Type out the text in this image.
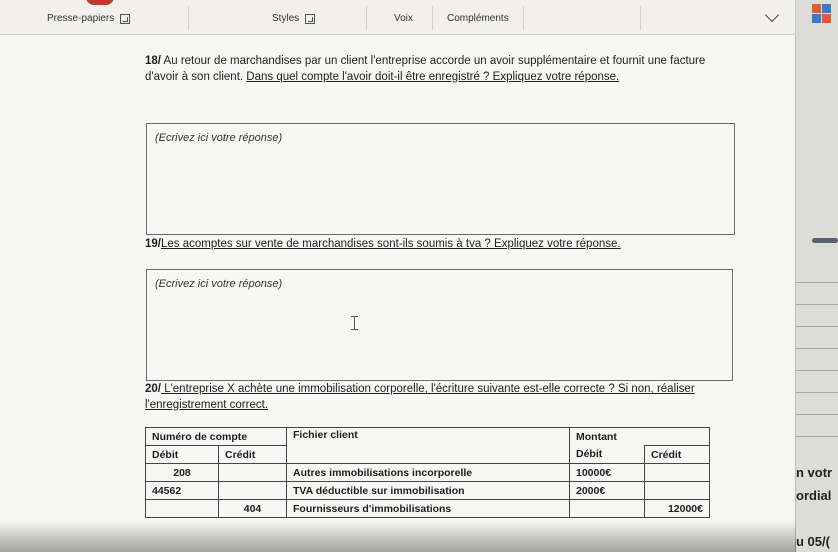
Presse-papiers	Styles	Voix	Compléments

18/ Au retour de marchandises par un client l'entreprise accorde un avoir supplémentaire et fournit une facture d'avoir à son client. Dans quel compte l'avoir doit-il être enregistré ? Expliquez votre réponse.

(Ecrivez ici votre réponse)

19/Les acomptes sur vente de marchandises sont-ils soumis à tva ? Expliquez votre réponse.

(Ecrivez ici votre réponse)

20/ L'entreprise X achète une immobilisation corporelle, l'écriture suivante est-elle correcte ? Si non, réaliser l'enregistrement correct.

Numéro de compte		Fichier client	Montant	
Débit	Crédit		Débit	Crédit
208		Autres immobilisations incorporelle	10000€	
44562		TVA déductible sur immobilisation	2000€	
	404	Fournisseurs d'immobilisations		12000€
n votr
ordial
u 05/(
